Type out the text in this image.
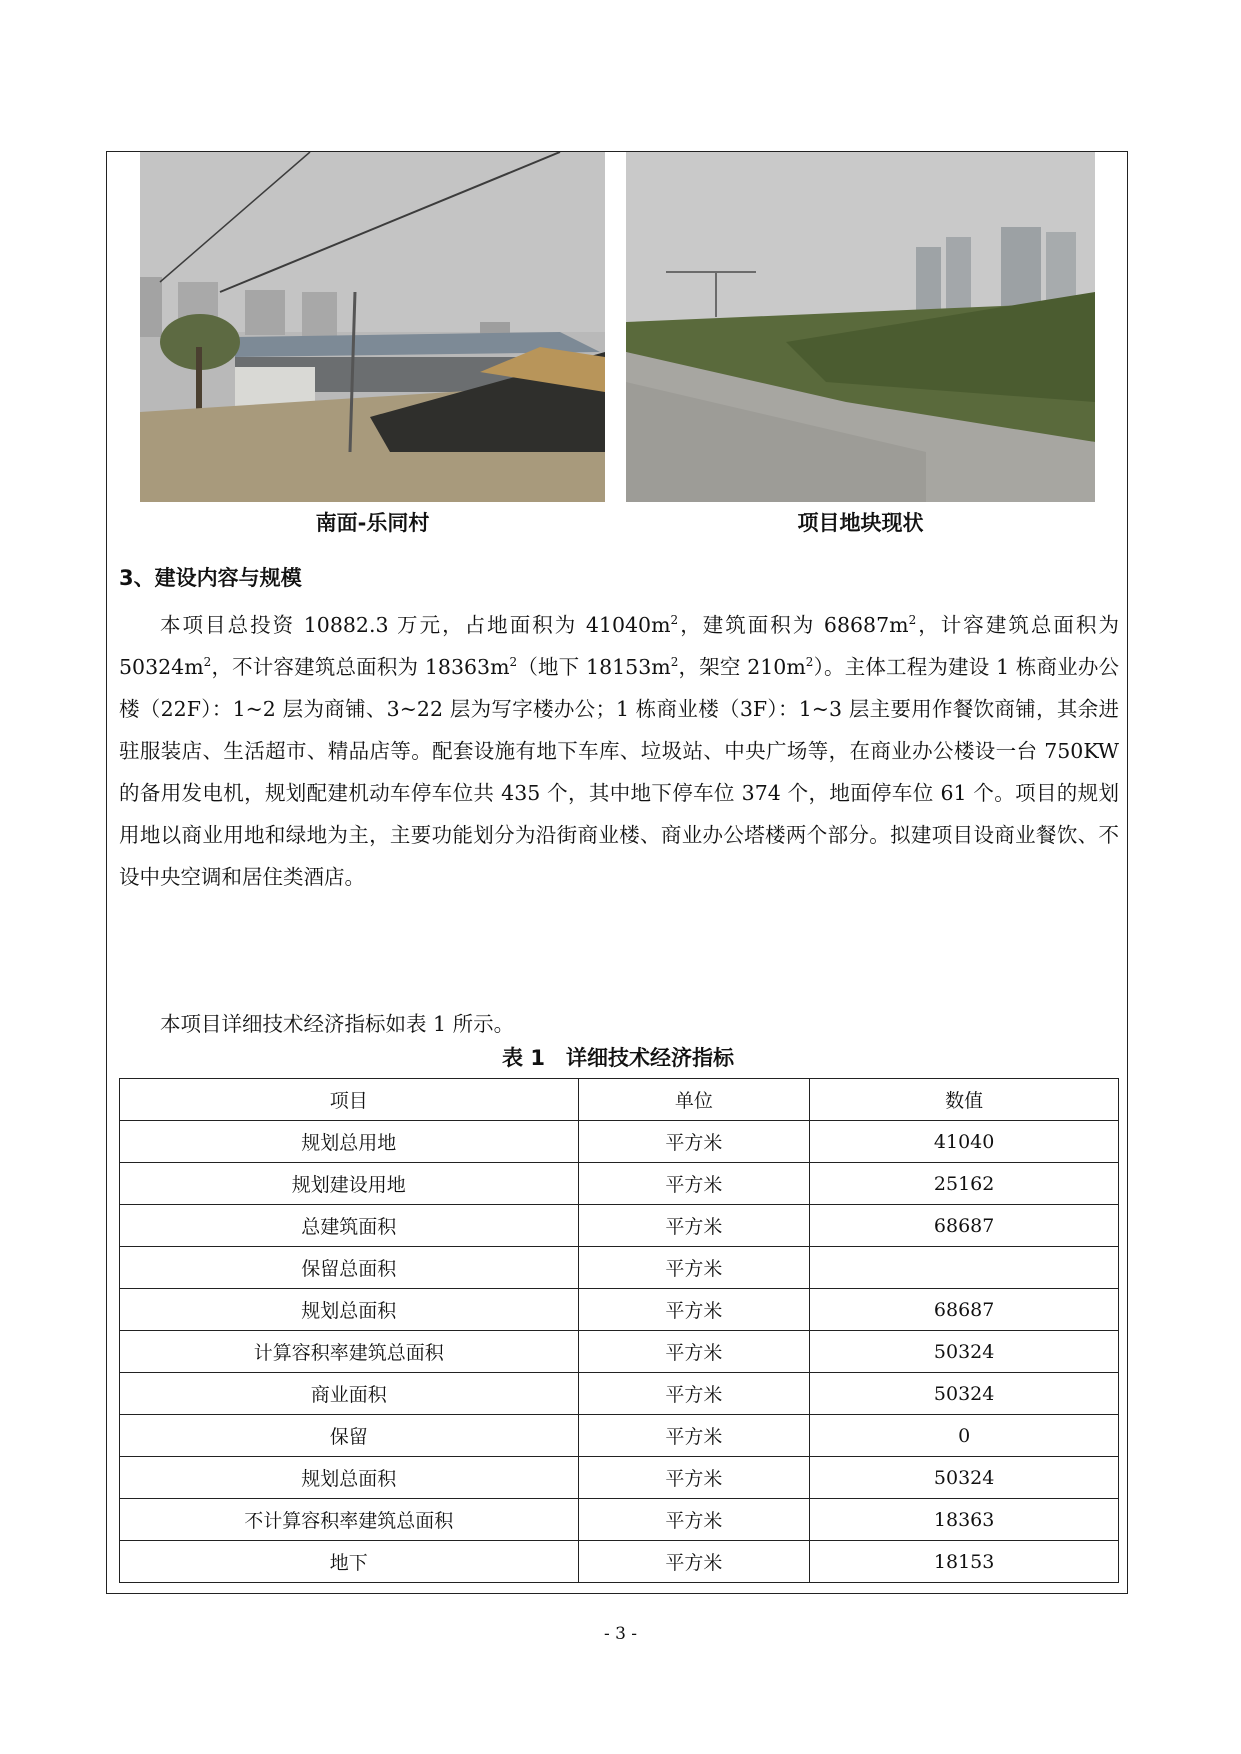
南面-乐同村	项目地块现状
3、建设内容与规模

本项目总投资 10882.3 万元，占地面积为 $41040m^2$，建筑面积为 $68687m^2$，计容建筑总面积为 $50324m^2$，不计容建筑总面积为 $18363m^2$（地下 $18153m^2$，架空 $210m^2$）。主体工程为建设 1 栋商业办公楼（22F）：1~2 层为商铺、3~22 层为写字楼办公；1 栋商业楼（3F）：1~3 层主要用作餐饮商铺，其余进驻服装店、生活超市、精品店等。配套设施有地下车库、垃圾站、中央广场等，在商业办公楼设一台 750KW 的备用发电机，规划配建机动车停车位共 435 个，其中地下停车位 374 个，地面停车位 61 个。项目的规划用地以商业用地和绿地为主，主要功能划分为沿街商业楼、商业办公塔楼两个部分。拟建项目设商业餐饮、不设中央空调和居住类酒店。

本项目详细技术经济指标如表 1 所示。

表 1　详细技术经济指标
项目	单位	数值
规划总用地	平方米	41040
规划建设用地	平方米	25162
总建筑面积	平方米	68687
保留总面积	平方米	
规划总面积	平方米	68687
计算容积率建筑总面积	平方米	50324
商业面积	平方米	50324
保留	平方米	0
规划总面积	平方米	50324
不计算容积率建筑总面积	平方米	18363
地下	平方米	18153
- 3 -
